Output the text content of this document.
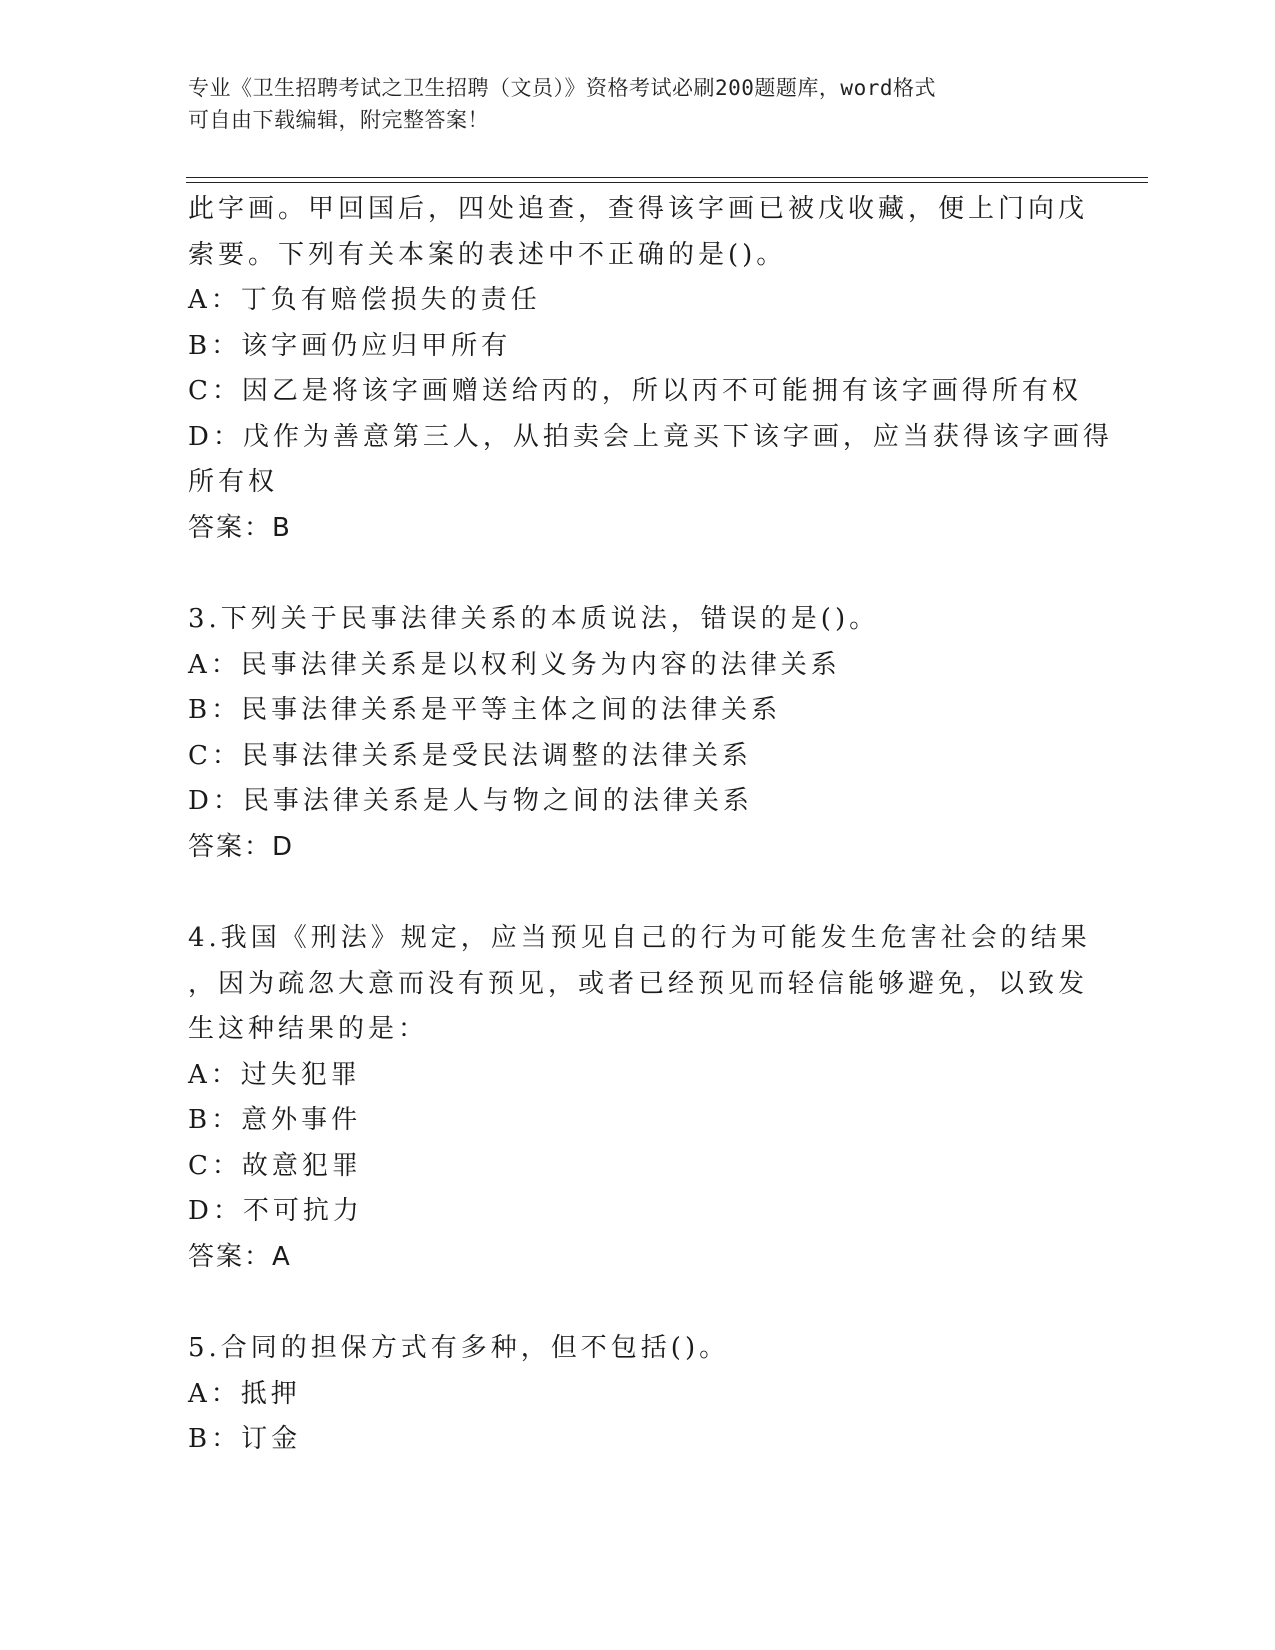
专业《卫生招聘考试之卫生招聘（文员）》资格考试必刷200题题库，word格式
可自由下载编辑，附完整答案！
此字画。甲回国后，四处追查，查得该字画已被戊收藏，便上门向戊
索要。下列有关本案的表述中不正确的是()。
A：丁负有赔偿损失的责任
B：该字画仍应归甲所有
C：因乙是将该字画赠送给丙的，所以丙不可能拥有该字画得所有权
D：戊作为善意第三人，从拍卖会上竟买下该字画，应当获得该字画得
所有权
答案：B
3.下列关于民事法律关系的本质说法，错误的是()。
A：民事法律关系是以权利义务为内容的法律关系
B：民事法律关系是平等主体之间的法律关系
C：民事法律关系是受民法调整的法律关系
D：民事法律关系是人与物之间的法律关系
答案：D
4.我国《刑法》规定，应当预见自己的行为可能发生危害社会的结果
，因为疏忽大意而没有预见，或者已经预见而轻信能够避免，以致发
生这种结果的是：
A：过失犯罪
B：意外事件
C：故意犯罪
D：不可抗力
答案：A
5.合同的担保方式有多种，但不包括()。
A：抵押
B：订金
